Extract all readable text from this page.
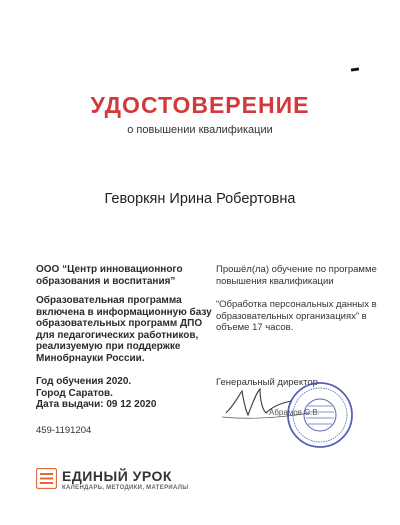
УДОСТОВЕРЕНИЕ
о повышении квалификации
Геворкян Ирина Робертовна
ООО “Центр инновационного образования и воспитания”
Образовательная программа включена в информационную базу образовательных программ ДПО для педагогических работников, реализуемую при поддержке Минобрнауки России.
Год обучения 2020.
Город Саратов.
Дата выдачи: 09 12 2020
459-1191204
Прошёл(ла) обучение по программе повышения квалификации
“Обработка персональных данных в образовательных организациях” в объеме 17 часов.
Генеральный директор
Абрамов С.В.
ЕДИНЫЙ УРОК
КАЛЕНДАРЬ, МЕТОДИКИ, МАТЕРИАЛЫ
